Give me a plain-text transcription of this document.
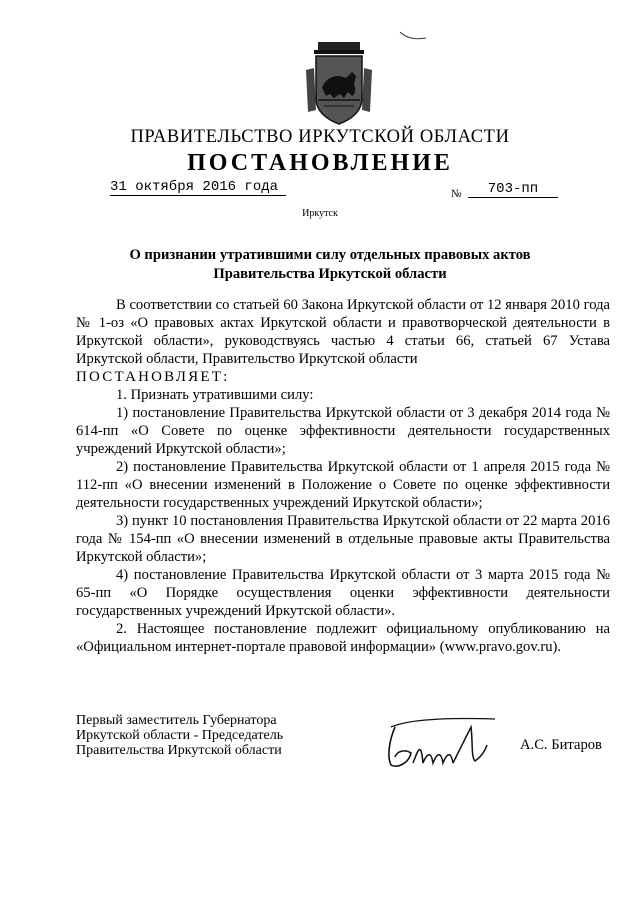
ПРАВИТЕЛЬСТВО ИРКУТСКОЙ ОБЛАСТИ
ПОСТАНОВЛЕНИЕ
31 октября 2016 года	№	703-пп
Иркутск
О признании утратившими силу отдельных правовых актов
Правительства Иркутской области

В соответствии со статьей 60 Закона Иркутской области от 12 января 2010 года № 1-оз «О правовых актах Иркутской области и правотворческой деятельности в Иркутской области», руководствуясь частью 4 статьи 66, статьей 67 Устава Иркутской области, Правительство Иркутской области

ПОСТАНОВЛЯЕТ:

1. Признать утратившими силу:

1) постановление Правительства Иркутской области от 3 декабря 2014 года № 614-пп «О Совете по оценке эффективности деятельности государственных учреждений Иркутской области»;

2) постановление Правительства Иркутской области от 1 апреля 2015 года № 112-пп «О внесении изменений в Положение о Совете по оценке эффективности деятельности государственных учреждений Иркутской области»;

3) пункт 10 постановления Правительства Иркутской области от 22 марта 2016 года № 154-пп «О внесении изменений в отдельные правовые акты Правительства Иркутской области»;

4) постановление Правительства Иркутской области от 3 марта 2015 года № 65-пп «О Порядке осуществления оценки эффективности деятельности государственных учреждений Иркутской области».

2. Настоящее постановление подлежит официальному опубликованию на «Официальном интернет-портале правовой информации» (www.pravo.gov.ru).

Первый заместитель Губернатора
Иркутской области - Председатель
Правительства Иркутской области	А.С. Битаров
